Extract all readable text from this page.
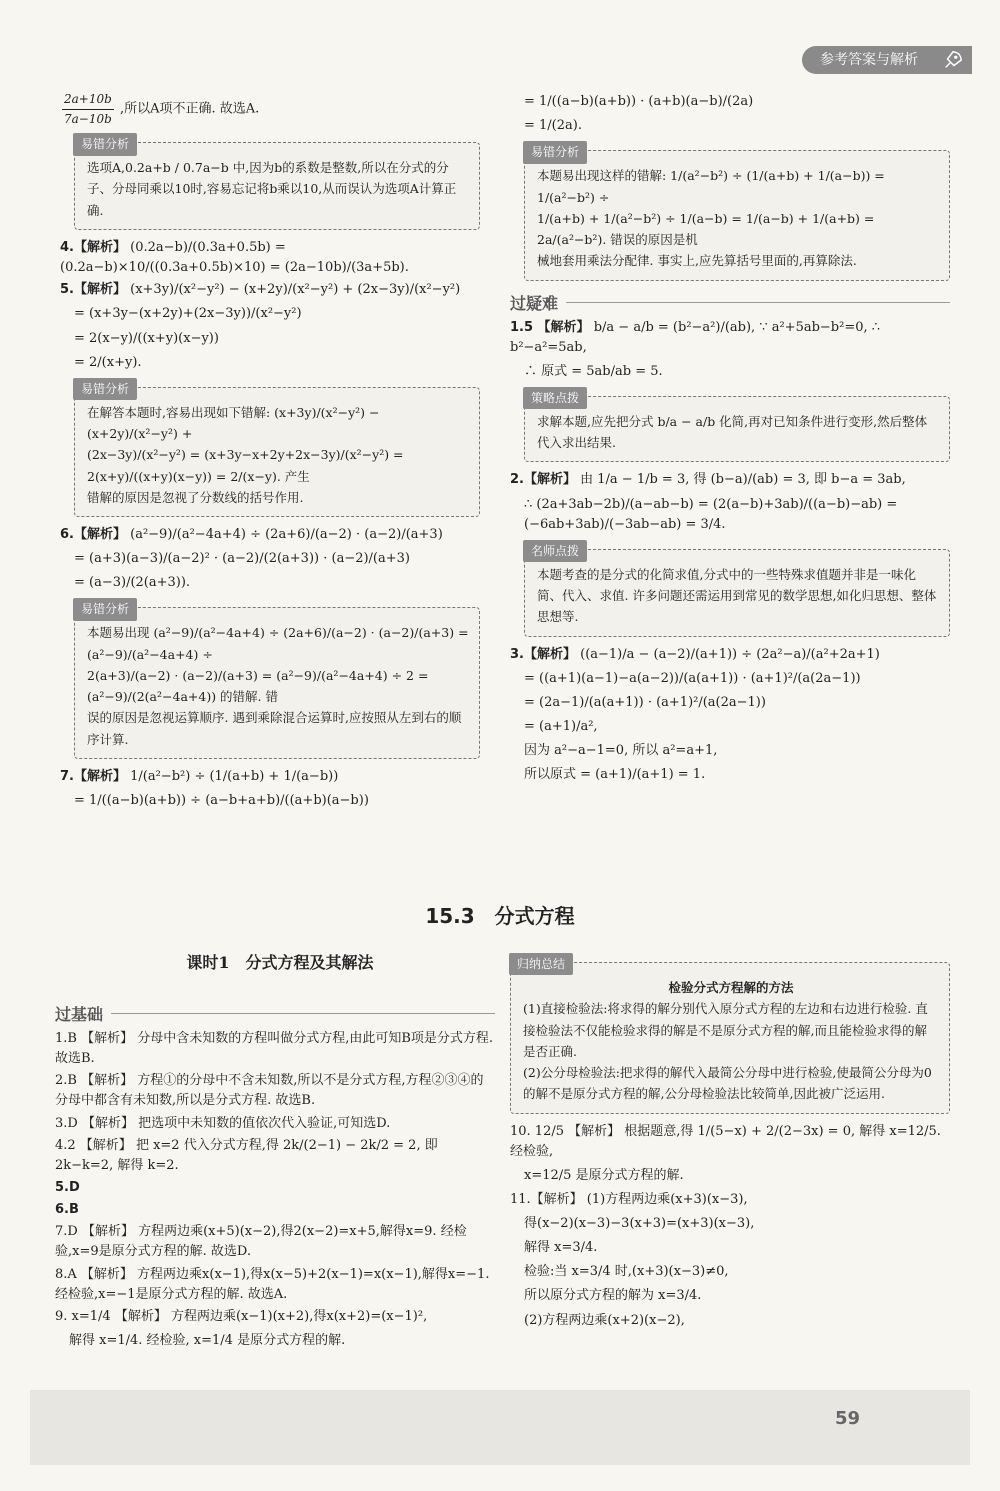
参考答案与解析
$\frac{2a+10b}{7a-10b}$ ,所以A项不正确. 故选A.
易错分析
选项A,0.2a+b / 0.7a−b 中,因为b的系数是整数,所以在分式的分子、分母同乘以10时,容易忘记将b乘以10,从而误认为选项A计算正确.
4.【解析】 (0.2a−b)/(0.3a+0.5b) = (0.2a−b)×10/((0.3a+0.5b)×10) = (2a−10b)/(3a+5b).
5.【解析】 (x+3y)/(x²−y²) − (x+2y)/(x²−y²) + (2x−3y)/(x²−y²)
= (x+3y−(x+2y)+(2x−3y))/(x²−y²)
= 2(x−y)/((x+y)(x−y))
= 2/(x+y).
易错分析
在解答本题时,容易出现如下错解: (x+3y)/(x²−y²) − (x+2y)/(x²−y²) +
(2x−3y)/(x²−y²) = (x+3y−x+2y+2x−3y)/(x²−y²) = 2(x+y)/((x+y)(x−y)) = 2/(x−y). 产生
错解的原因是忽视了分数线的括号作用.
6.【解析】 (a²−9)/(a²−4a+4) ÷ (2a+6)/(a−2) · (a−2)/(a+3)
= (a+3)(a−3)/(a−2)² · (a−2)/(2(a+3)) · (a−2)/(a+3)
= (a−3)/(2(a+3)).
易错分析
本题易出现 (a²−9)/(a²−4a+4) ÷ (2a+6)/(a−2) · (a−2)/(a+3) = (a²−9)/(a²−4a+4) ÷
2(a+3)/(a−2) · (a−2)/(a+3) = (a²−9)/(a²−4a+4) ÷ 2 = (a²−9)/(2(a²−4a+4)) 的错解. 错
误的原因是忽视运算顺序. 遇到乘除混合运算时,应按照从左到右的顺序计算.
7.【解析】 1/(a²−b²) ÷ (1/(a+b) + 1/(a−b))
= 1/((a−b)(a+b)) ÷ (a−b+a+b)/((a+b)(a−b))
= 1/((a−b)(a+b)) · (a+b)(a−b)/(2a)
= 1/(2a).
易错分析
本题易出现这样的错解: 1/(a²−b²) ÷ (1/(a+b) + 1/(a−b)) = 1/(a²−b²) ÷
1/(a+b) + 1/(a²−b²) ÷ 1/(a−b) = 1/(a−b) + 1/(a+b) = 2a/(a²−b²). 错误的原因是机
械地套用乘法分配律. 事实上,应先算括号里面的,再算除法.
过疑难
1.5 【解析】 b/a − a/b = (b²−a²)/(ab), ∵ a²+5ab−b²=0, ∴ b²−a²=5ab,
∴ 原式 = 5ab/ab = 5.
策略点拨
求解本题,应先把分式 b/a − a/b 化简,再对已知条件进行变形,然后整体代入求出结果.
2.【解析】 由 1/a − 1/b = 3, 得 (b−a)/(ab) = 3, 即 b−a = 3ab,
∴ (2a+3ab−2b)/(a−ab−b) = (2(a−b)+3ab)/((a−b)−ab) = (−6ab+3ab)/(−3ab−ab) = 3/4.
名师点拨
本题考查的是分式的化简求值,分式中的一些特殊求值题并非是一味化简、代入、求值. 许多问题还需运用到常见的数学思想,如化归思想、整体思想等.
3.【解析】 ((a−1)/a − (a−2)/(a+1)) ÷ (2a²−a)/(a²+2a+1)
= ((a+1)(a−1)−a(a−2))/(a(a+1)) · (a+1)²/(a(2a−1))
= (2a−1)/(a(a+1)) · (a+1)²/(a(2a−1))
= (a+1)/a²,
因为 a²−a−1=0, 所以 a²=a+1,
所以原式 = (a+1)/(a+1) = 1.
15.3　分式方程
课时1　分式方程及其解法
过基础
1.B 【解析】 分母中含未知数的方程叫做分式方程,由此可知B项是分式方程. 故选B.
2.B 【解析】 方程①的分母中不含未知数,所以不是分式方程,方程②③④的分母中都含有未知数,所以是分式方程. 故选B.
3.D 【解析】 把选项中未知数的值依次代入验证,可知选D.
4.2 【解析】 把 x=2 代入分式方程,得 2k/(2−1) − 2k/2 = 2, 即 2k−k=2, 解得 k=2.
5.D
6.B
7.D 【解析】 方程两边乘(x+5)(x−2),得2(x−2)=x+5,解得x=9. 经检验,x=9是原分式方程的解. 故选D.
8.A 【解析】 方程两边乘x(x−1),得x(x−5)+2(x−1)=x(x−1),解得x=−1. 经检验,x=−1是原分式方程的解. 故选A.
9. x=1/4 【解析】 方程两边乘(x−1)(x+2),得x(x+2)=(x−1)²,
解得 x=1/4. 经检验, x=1/4 是原分式方程的解.
归纳总结
检验分式方程解的方法
(1)直接检验法:将求得的解分别代入原分式方程的左边和右边进行检验. 直接检验法不仅能检验求得的解是不是原分式方程的解,而且能检验求得的解是否正确.
(2)公分母检验法:把求得的解代入最简公分母中进行检验,使最简公分母为0的解不是原分式方程的解,公分母检验法比较简单,因此被广泛运用.
10. 12/5 【解析】 根据题意,得 1/(5−x) + 2/(2−3x) = 0, 解得 x=12/5. 经检验,
x=12/5 是原分式方程的解.
11.【解析】 (1)方程两边乘(x+3)(x−3),
得(x−2)(x−3)−3(x+3)=(x+3)(x−3),
解得 x=3/4.
检验:当 x=3/4 时,(x+3)(x−3)≠0,
所以原分式方程的解为 x=3/4.
(2)方程两边乘(x+2)(x−2),
59
